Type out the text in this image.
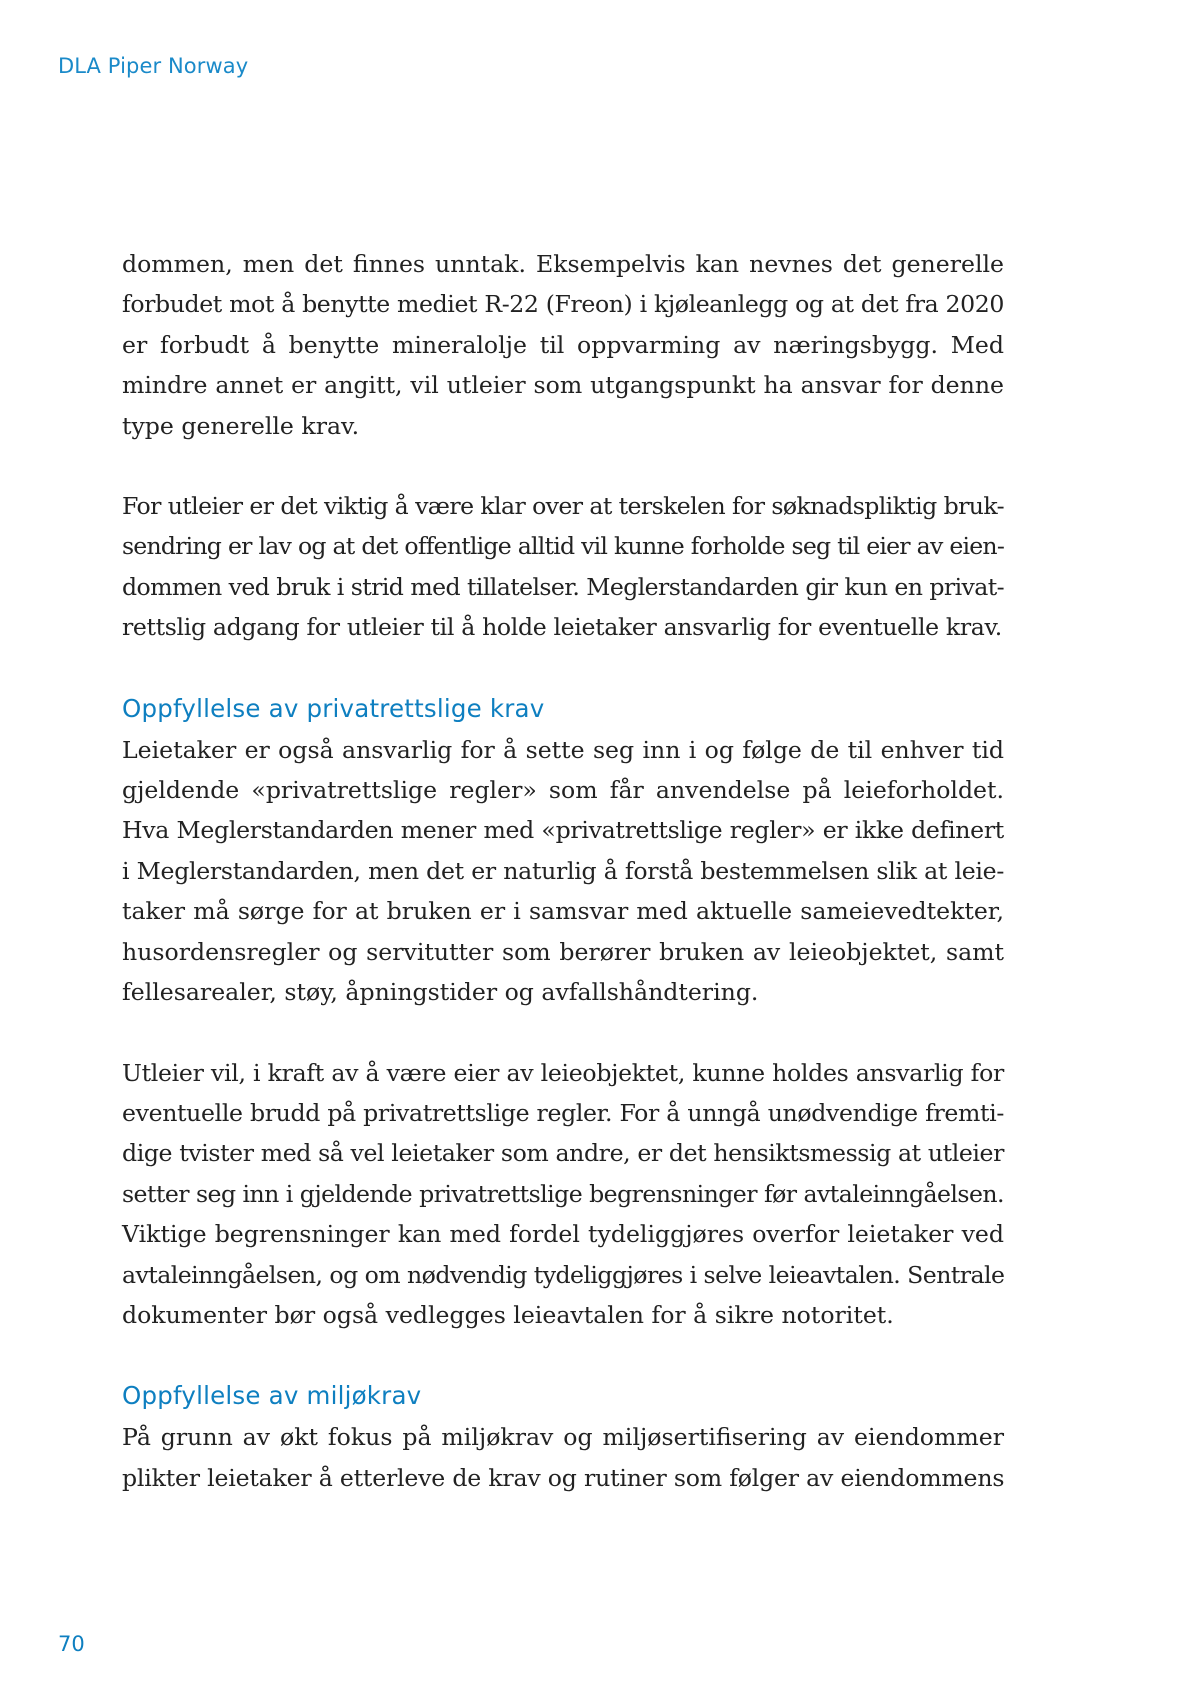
DLA Piper Norway

dommen, men det finnes unntak. Eksempelvis kan nevnes det generelle
forbudet mot å benytte mediet R-22 (Freon) i kjøleanlegg og at det fra 2020
er forbudt å benytte mineralolje til oppvarming av næringsbygg. Med
mindre annet er angitt, vil utleier som utgangspunkt ha ansvar for denne
type generelle krav.

For utleier er det viktig å være klar over at terskelen for søknadspliktig bruk-
sendring er lav og at det offentlige alltid vil kunne forholde seg til eier av eien-
dommen ved bruk i strid med tillatelser. Meglerstandarden gir kun en privat-
rettslig adgang for utleier til å holde leietaker ansvarlig for eventuelle krav.

Oppfyllelse av privatrettslige krav

Leietaker er også ansvarlig for å sette seg inn i og følge de til enhver tid
gjeldende «privatrettslige regler» som får anvendelse på leieforholdet.
Hva Meglerstandarden mener med «privatrettslige regler» er ikke definert
i Meglerstandarden, men det er naturlig å forstå bestemmelsen slik at leie-
taker må sørge for at bruken er i samsvar med aktuelle sameievedtekter,
husordensregler og servitutter som berører bruken av leieobjektet, samt
fellesarealer, støy, åpningstider og avfallshåndtering.

Utleier vil, i kraft av å være eier av leieobjektet, kunne holdes ansvarlig for
eventuelle brudd på privatrettslige regler. For å unngå unødvendige fremti-
dige tvister med så vel leietaker som andre, er det hensiktsmessig at utleier
setter seg inn i gjeldende privatrettslige begrensninger før avtaleinngåelsen.
Viktige begrensninger kan med fordel tydeliggjøres overfor leietaker ved
avtaleinngåelsen, og om nødvendig tydeliggjøres i selve leieavtalen. Sentrale
dokumenter bør også vedlegges leieavtalen for å sikre notoritet.

Oppfyllelse av miljøkrav

På grunn av økt fokus på miljøkrav og miljøsertifisering av eiendommer
plikter leietaker å etterleve de krav og rutiner som følger av eiendommens

70
